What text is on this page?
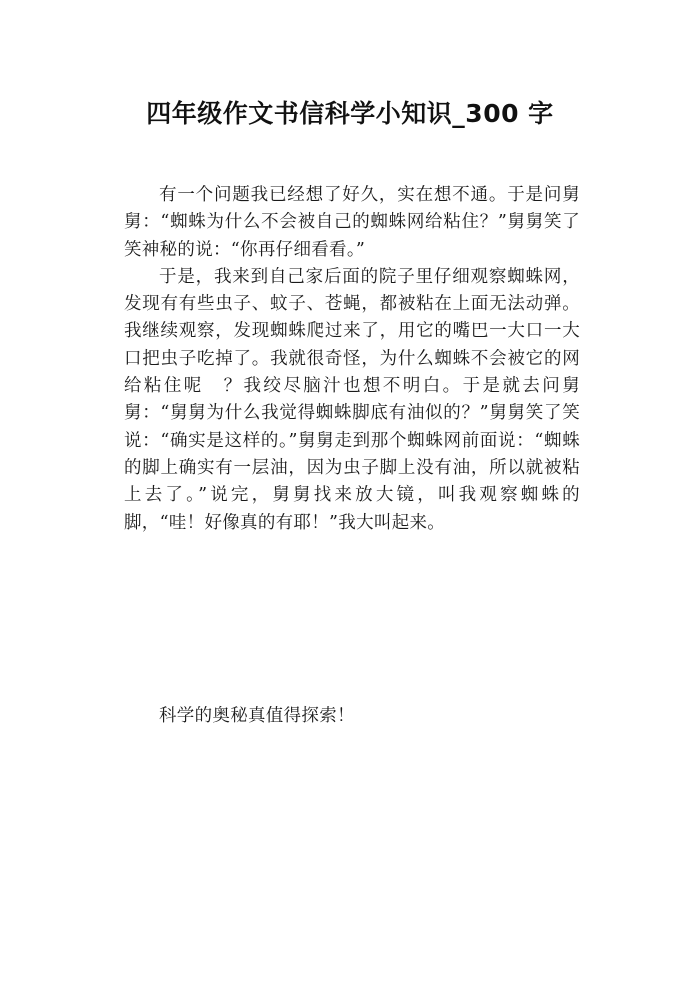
四年级作文书信科学小知识_300 字

有一个问题我已经想了好久，实在想不通。于是问舅舅：“蜘蛛为什么不会被自己的蜘蛛网给粘住？”舅舅笑了笑神秘的说：“你再仔细看看。”

于是，我来到自己家后面的院子里仔细观察蜘蛛网，发现有有些虫子、蚊子、苍蝇，都被粘在上面无法动弹。我继续观察，发现蜘蛛爬过来了，用它的嘴巴一大口一大口把虫子吃掉了。我就很奇怪，为什么蜘蛛不会被它的网给粘住呢　？我绞尽脑汁也想不明白。于是就去问舅舅：“舅舅为什么我觉得蜘蛛脚底有油似的？”舅舅笑了笑说：“确实是这样的。”舅舅走到那个蜘蛛网前面说：“蜘蛛的脚上确实有一层油，因为虫子脚上没有油，所以就被粘上去了。”说完，舅舅找来放大镜，叫我观察蜘蛛的脚，“哇！好像真的有耶！”我大叫起来。

科学的奥秘真值得探索！
